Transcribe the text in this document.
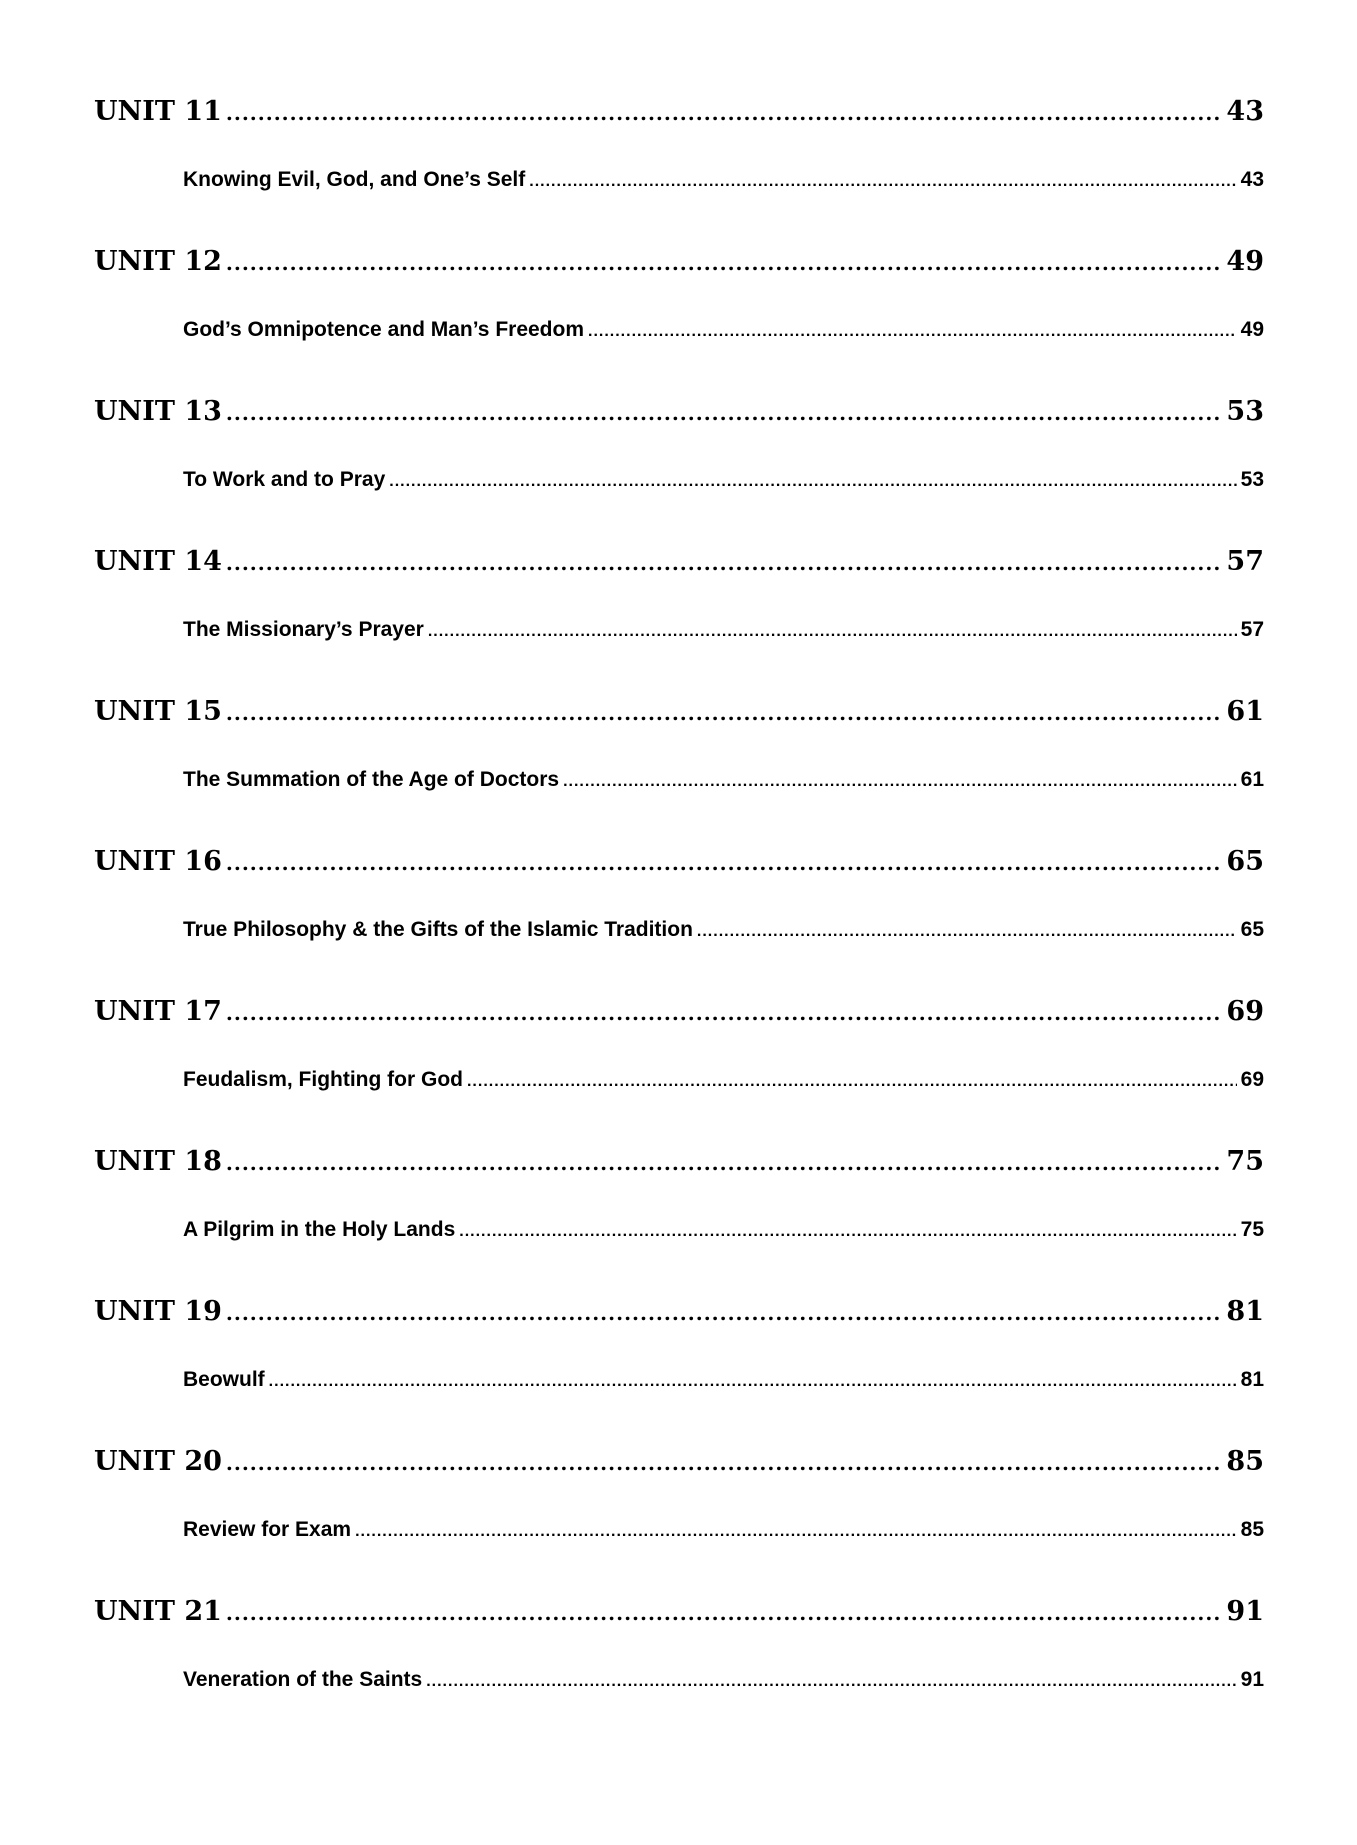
UNIT 11 .....	43
Knowing Evil, God, and One’s Self .....	43
UNIT 12 .....	49
God’s Omnipotence and Man’s Freedom .....	49
UNIT 13 .....	53
To Work and to Pray .....	53
UNIT 14 .....	57
The Missionary’s Prayer .....	57
UNIT 15 .....	61
The Summation of the Age of Doctors .....	61
UNIT 16 .....	65
True Philosophy & the Gifts of the Islamic Tradition .....	65
UNIT 17 .....	69
Feudalism, Fighting for God .....	69
UNIT 18 .....	75
A Pilgrim in the Holy Lands .....	75
UNIT 19 .....	81
Beowulf .....	81
UNIT 20 .....	85
Review for Exam .....	85
UNIT 21 .....	91
Veneration of the Saints .....	91
